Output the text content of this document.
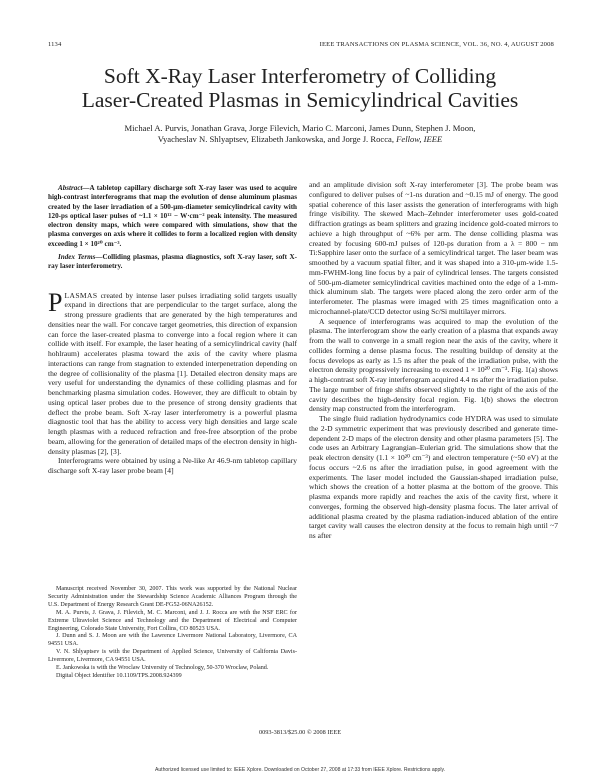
1134	IEEE TRANSACTIONS ON PLASMA SCIENCE, VOL. 36, NO. 4, AUGUST 2008
Soft X-Ray Laser Interferometry of Colliding
Laser-Created Plasmas in Semicylindrical Cavities
Michael A. Purvis, Jonathan Grava, Jorge Filevich, Mario C. Marconi, James Dunn, Stephen J. Moon,
Vyacheslav N. Shlyaptsev, Elizabeth Jankowska, and Jorge J. Rocca, Fellow, IEEE

Abstract—A tabletop capillary discharge soft X-ray laser was used to acquire high-contrast interferograms that map the evolution of dense aluminum plasmas created by the laser irradiation of a 500-μm-diameter semicylindrical cavity with 120-ps optical laser pulses of ~1.1 × 10¹² − W·cm⁻² peak intensity. The measured electron density maps, which were compared with simulations, show that the plasma converges on axis where it collides to form a localized region with density exceeding 1 × 10²⁰ cm⁻³.

Index Terms—Colliding plasmas, plasma diagnostics, soft X-ray laser, soft X-ray laser interferometry.

PLASMAS created by intense laser pulses irradiating solid targets usually expand in directions that are perpendicular to the target surface, along the strong pressure gradients that are generated by the high temperatures and densities near the wall. For concave target geometries, this direction of expansion can force the laser-created plasma to converge into a focal region where it can collide with itself. For example, the laser heating of a semicylindrical cavity (half hohlraum) accelerates plasma toward the axis of the cavity where plasma interactions can range from stagnation to extended interpenetration depending on the degree of collisionality of the plasma [1]. Detailed electron density maps are very useful for understanding the dynamics of these colliding plasmas and for benchmarking plasma simulation codes. However, they are difficult to obtain by using optical laser probes due to the presence of strong density gradients that deflect the probe beam. Soft X-ray laser interferometry is a powerful plasma diagnostic tool that has the ability to access very high densities and large scale length plasmas with a reduced refraction and free-free absorption of the probe beam, allowing for the generation of detailed maps of the electron density in high-density plasmas [2], [3].

Interferograms were obtained by using a Ne-like Ar 46.9-nm tabletop capillary discharge soft X-ray laser probe beam [4]

Manuscript received November 30, 2007. This work was supported by the National Nuclear Security Administration under the Stewardship Science Academic Alliances Program through the U.S. Department of Energy Research Grant DE-FG52-06NA26152.

M. A. Purvis, J. Grava, J. Filevich, M. C. Marconi, and J. J. Rocca are with the NSF ERC for Extreme Ultraviolet Science and Technology and the Department of Electrical and Computer Engineering, Colorado State University, Fort Collins, CO 80523 USA.

J. Dunn and S. J. Moon are with the Lawrence Livermore National Laboratory, Livermore, CA 94551 USA.

V. N. Shlyaptsev is with the Department of Applied Science, University of California Davis-Livermore, Livermore, CA 94551 USA.

E. Jankowska is with the Wroclaw University of Technology, 50-370 Wroclaw, Poland.

Digital Object Identifier 10.1109/TPS.2008.924399

and an amplitude division soft X-ray interferometer [3]. The probe beam was configured to deliver pulses of ~1-ns duration and ~0.15 mJ of energy. The good spatial coherence of this laser assists the generation of interferograms with high fringe visibility. The skewed Mach–Zehnder interferometer uses gold-coated diffraction gratings as beam splitters and grazing incidence gold-coated mirrors to achieve a high throughput of ~6% per arm. The dense colliding plasma was created by focusing 600-mJ pulses of 120-ps duration from a λ = 800 − nm Ti:Sapphire laser onto the surface of a semicylindrical target. The laser beam was smoothed by a vacuum spatial filter, and it was shaped into a 310-μm-wide 1.5-mm-FWHM-long line focus by a pair of cylindrical lenses. The targets consisted of 500-μm-diameter semicylindrical cavities machined onto the edge of a 1-mm-thick aluminum slab. The targets were placed along the zero order arm of the interferometer. The plasmas were imaged with 25 times magnification onto a microchannel-plate/CCD detector using Sc/Si multilayer mirrors.

A sequence of interferograms was acquired to map the evolution of the plasma. The interferogram show the early creation of a plasma that expands away from the wall to converge in a small region near the axis of the cavity, where it collides forming a dense plasma focus. The resulting buildup of density at the focus develops as early as 1.5 ns after the peak of the irradiation pulse, with the electron density progressively increasing to exceed 1 × 10²⁰ cm⁻³. Fig. 1(a) shows a high-contrast soft X-ray interferogram acquired 4.4 ns after the irradiation pulse. The large number of fringe shifts observed slightly to the right of the axis of the cavity describes the high-density focal region. Fig. 1(b) shows the electron density map constructed from the interferogram.

The single fluid radiation hydrodynamics code HYDRA was used to simulate the 2-D symmetric experiment that was previously described and generate time-dependent 2-D maps of the electron density and other plasma parameters [5]. The code uses an Arbitrary Lagrangian–Eulerian grid. The simulations show that the peak electron density (1.1 × 10²⁰ cm⁻³) and electron temperature (~50 eV) at the focus occurs ~2.6 ns after the irradiation pulse, in good agreement with the experiments. The laser model included the Gaussian-shaped irradiation pulse, which shows the creation of a hotter plasma at the bottom of the groove. This plasma expands more rapidly and reaches the axis of the cavity first, where it converges, forming the observed high-density plasma focus. The later arrival of additional plasma created by the plasma radiation-induced ablation of the entire target cavity wall causes the electron density at the focus to remain high until ~7 ns after

0093-3813/$25.00 © 2008 IEEE
Authorized licensed use limited to: IEEE Xplore. Downloaded on October 27, 2008 at 17:33 from IEEE Xplore. Restrictions apply.
